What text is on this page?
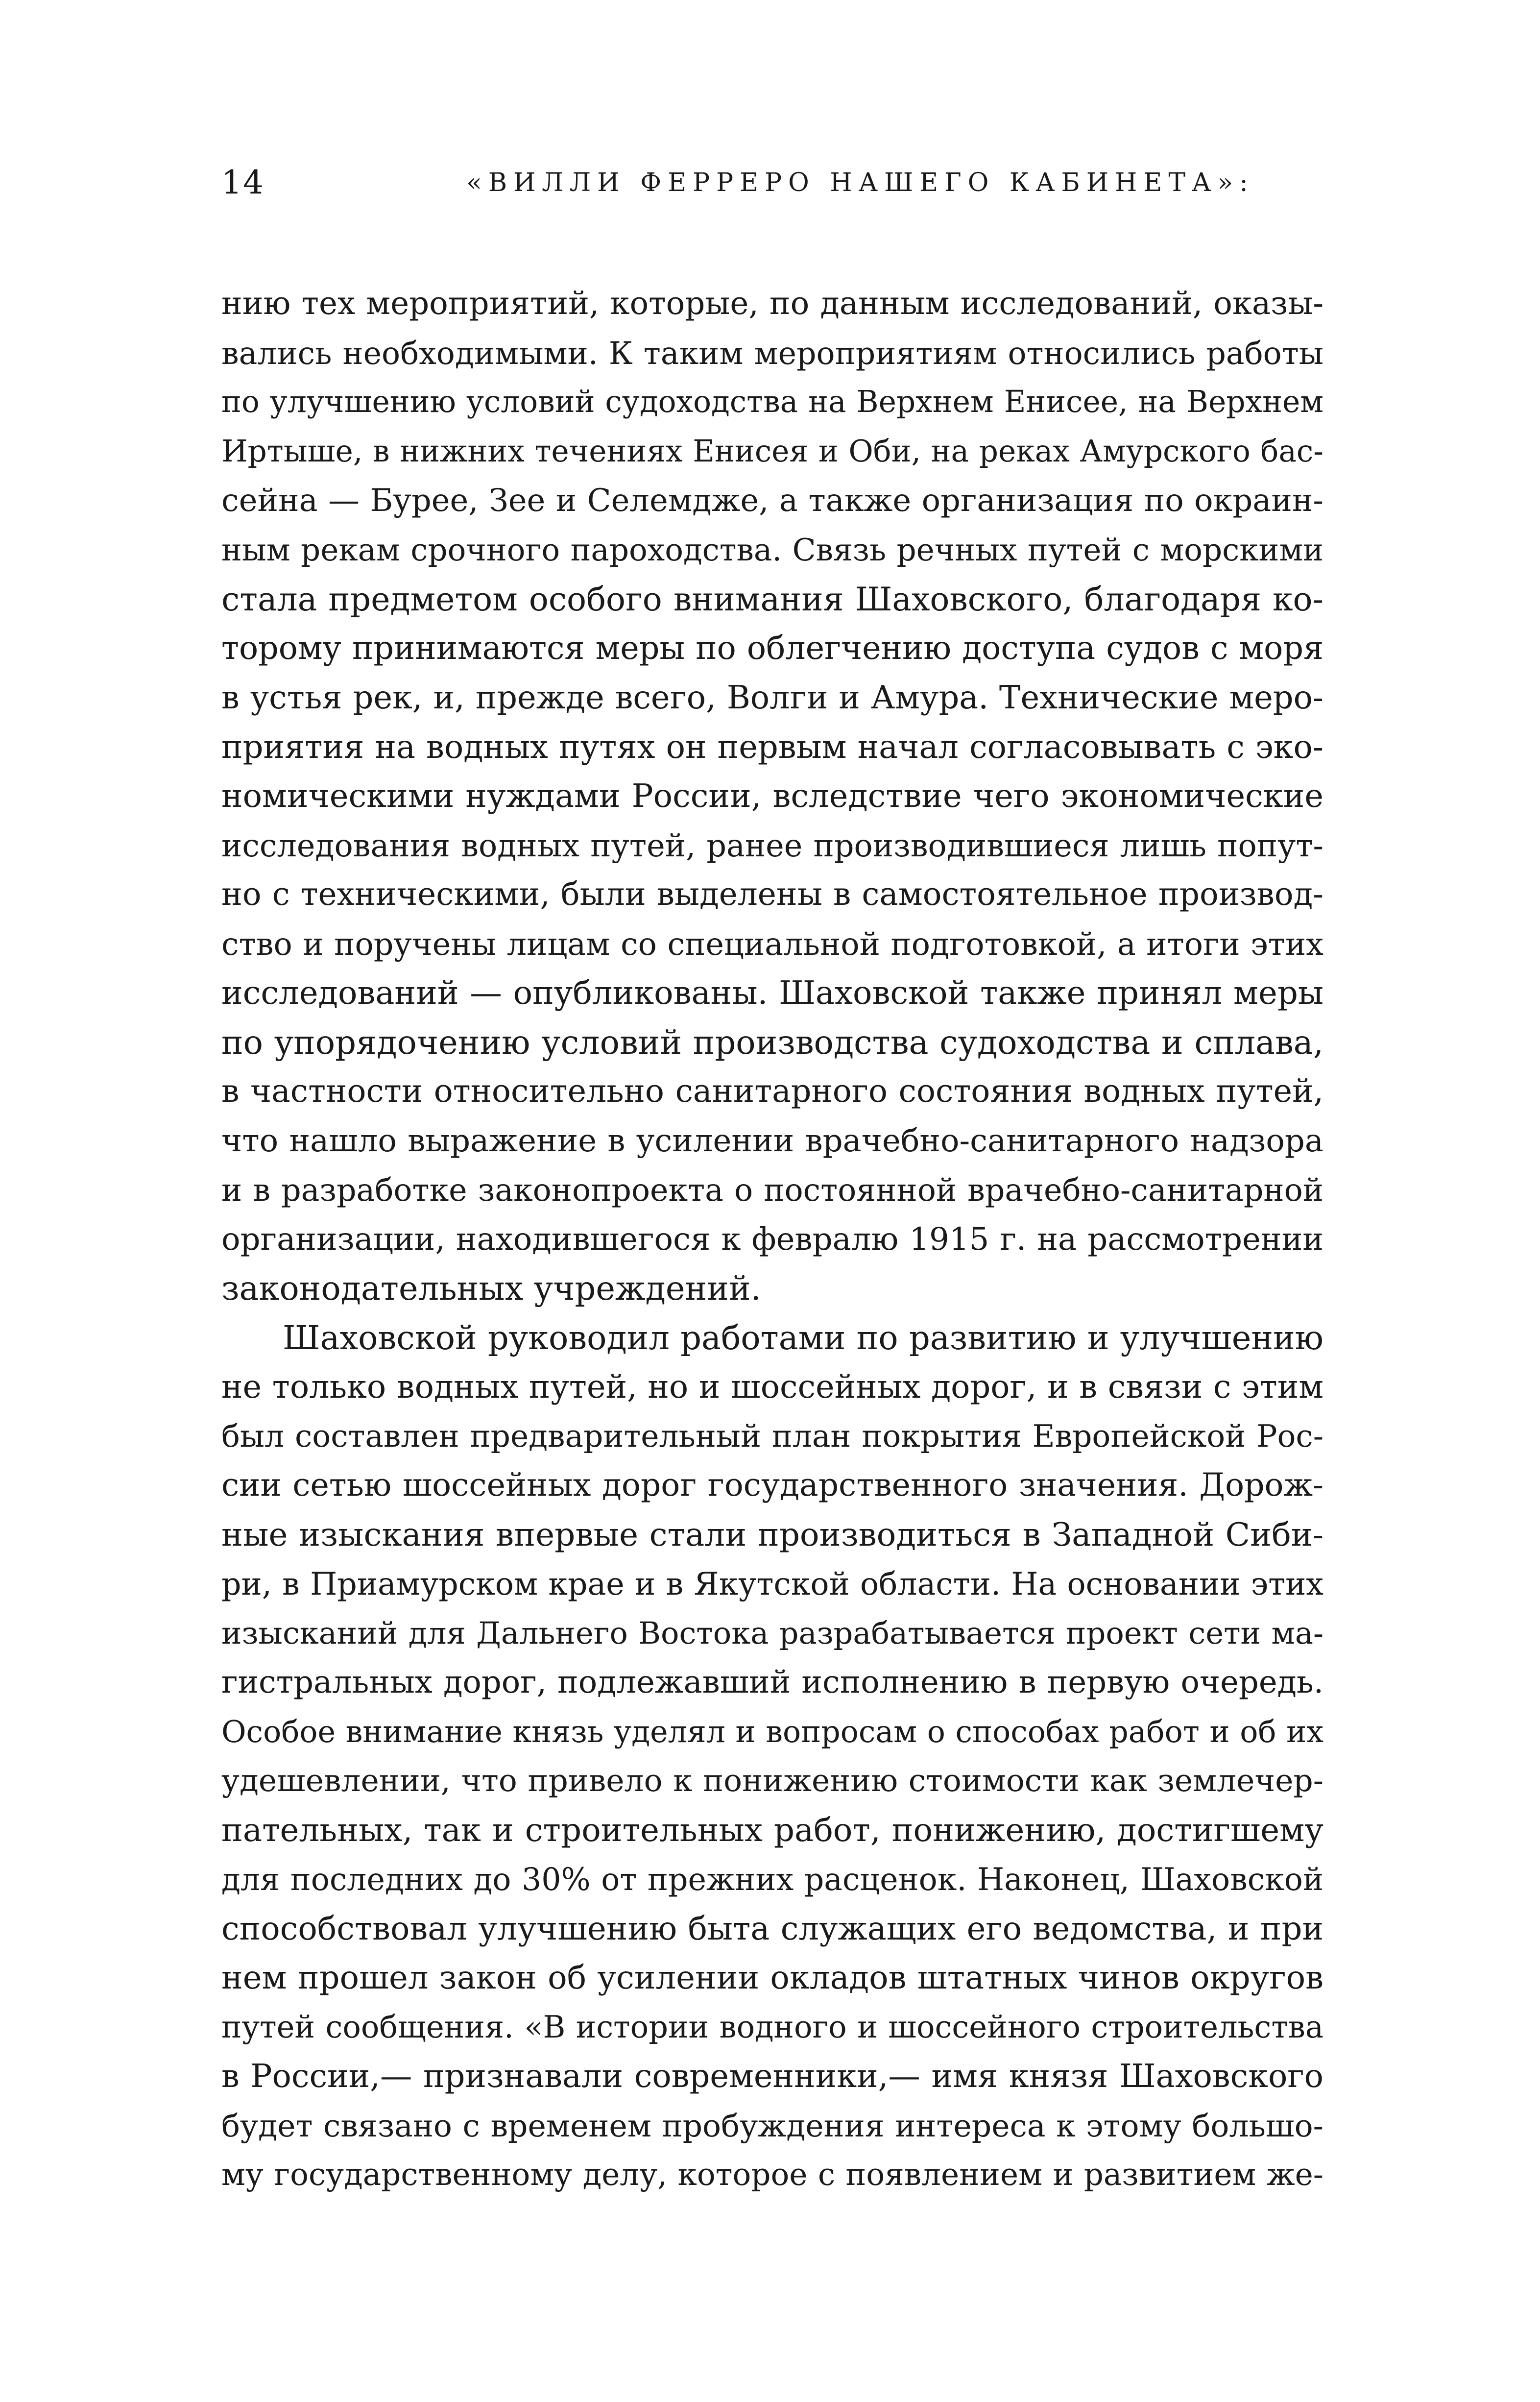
14	«ВИЛЛИ ФЕРРЕРО НАШЕГО КАБИНЕТА»:
нию тех мероприятий, которые, по данным исследований, оказы-
вались необходимыми. К таким мероприятиям относились работы
по улучшению условий судоходства на Верхнем Енисее, на Верхнем
Иртыше, в нижних течениях Енисея и Оби, на реках Амурского бас-
сейна — Бурее, Зее и Селемдже, а также организация по окраин-
ным рекам срочного пароходства. Связь речных путей с морскими
стала предметом особого внимания Шаховского, благодаря ко-
торому принимаются меры по облегчению доступа судов с моря
в устья рек, и, прежде всего, Волги и Амура. Технические меро-
приятия на водных путях он первым начал согласовывать с эко-
номическими нуждами России, вследствие чего экономические
исследования водных путей, ранее производившиеся лишь попут-
но с техническими, были выделены в самостоятельное производ-
ство и поручены лицам со специальной подготовкой, а итоги этих
исследований — опубликованы. Шаховской также принял меры
по упорядочению условий производства судоходства и сплава,
в частности относительно санитарного состояния водных путей,
что нашло выражение в усилении врачебно-санитарного надзора
и в разработке законопроекта о постоянной врачебно-санитарной
организации, находившегося к февралю 1915 г. на рассмотрении
законодательных учреждений.
Шаховской руководил работами по развитию и улучшению
не только водных путей, но и шоссейных дорог, и в связи с этим
был составлен предварительный план покрытия Европейской Рос-
сии сетью шоссейных дорог государственного значения. Дорож-
ные изыскания впервые стали производиться в Западной Сиби-
ри, в Приамурском крае и в Якутской области. На основании этих
изысканий для Дальнего Востока разрабатывается проект сети ма-
гистральных дорог, подлежавший исполнению в первую очередь.
Особое внимание князь уделял и вопросам о способах работ и об их
удешевлении, что привело к понижению стоимости как землечер-
пательных, так и строительных работ, понижению, достигшему
для последних до 30% от прежних расценок. Наконец, Шаховской
способствовал улучшению быта служащих его ведомства, и при
нем прошел закон об усилении окладов штатных чинов округов
путей сообщения. «В истории водного и шоссейного строительства
в России,— признавали современники,— имя князя Шаховского
будет связано с временем пробуждения интереса к этому большо-
му государственному делу, которое с появлением и развитием же-
